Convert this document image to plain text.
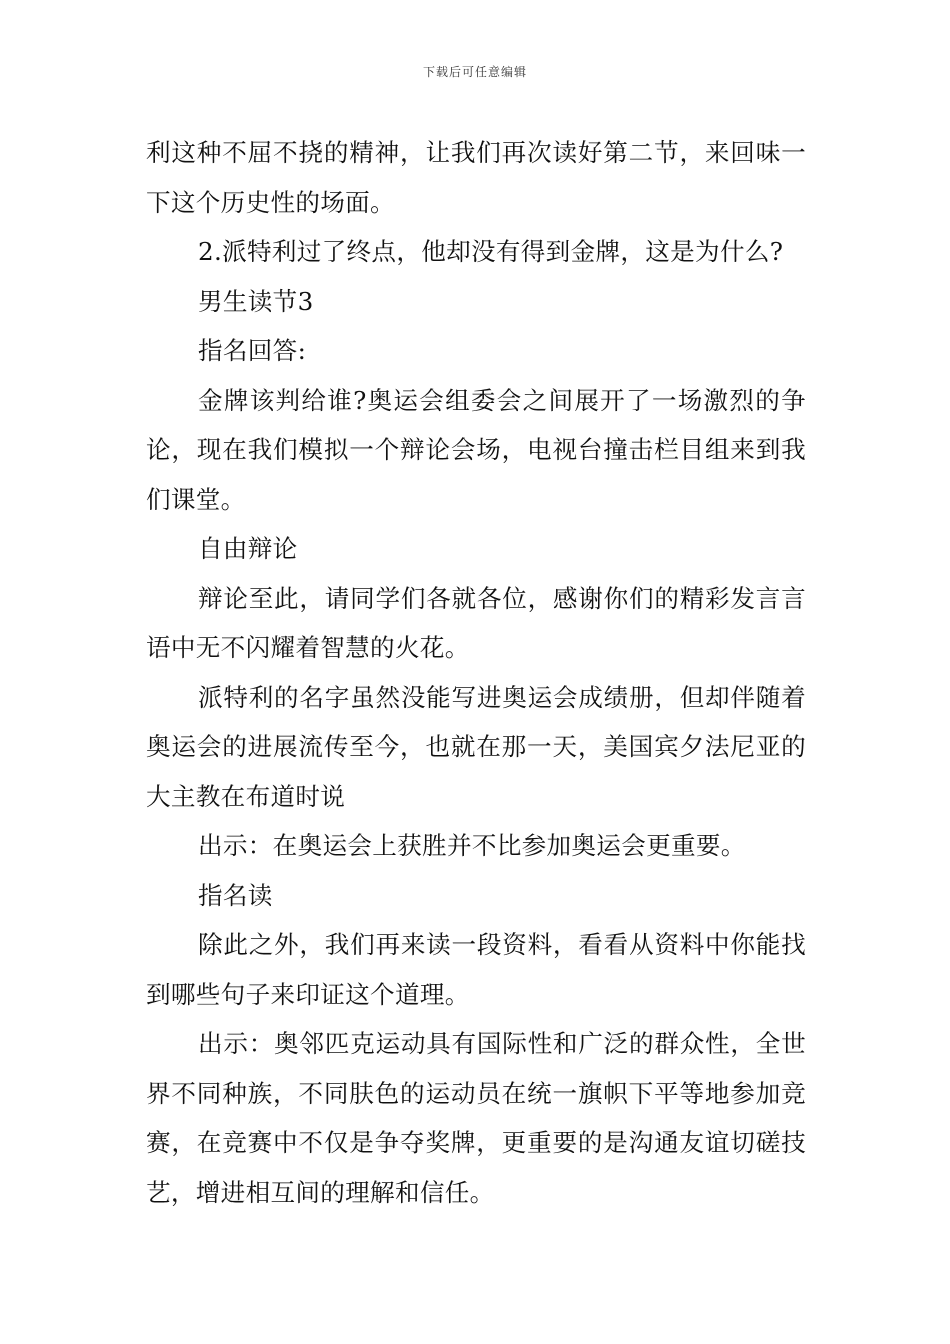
下载后可任意编辑

利这种不屈不挠的精神，让我们再次读好第二节，来回味一下这个历史性的场面。

2.派特利过了终点，他却没有得到金牌，这是为什么?

男生读节3

指名回答:

金牌该判给谁?奥运会组委会之间展开了一场激烈的争论，现在我们模拟一个辩论会场，电视台撞击栏目组来到我们课堂。

自由辩论

辩论至此，请同学们各就各位，感谢你们的精彩发言言语中无不闪耀着智慧的火花。

派特利的名字虽然没能写进奥运会成绩册，但却伴随着奥运会的进展流传至今，也就在那一天，美国宾夕法尼亚的大主教在布道时说

出示：在奥运会上获胜并不比参加奥运会更重要。

指名读

除此之外，我们再来读一段资料，看看从资料中你能找到哪些句子来印证这个道理。

出示：奥邻匹克运动具有国际性和广泛的群众性，全世界不同种族，不同肤色的运动员在统一旗帜下平等地参加竞赛，在竞赛中不仅是争夺奖牌，更重要的是沟通友谊切磋技艺，增进相互间的理解和信任。
